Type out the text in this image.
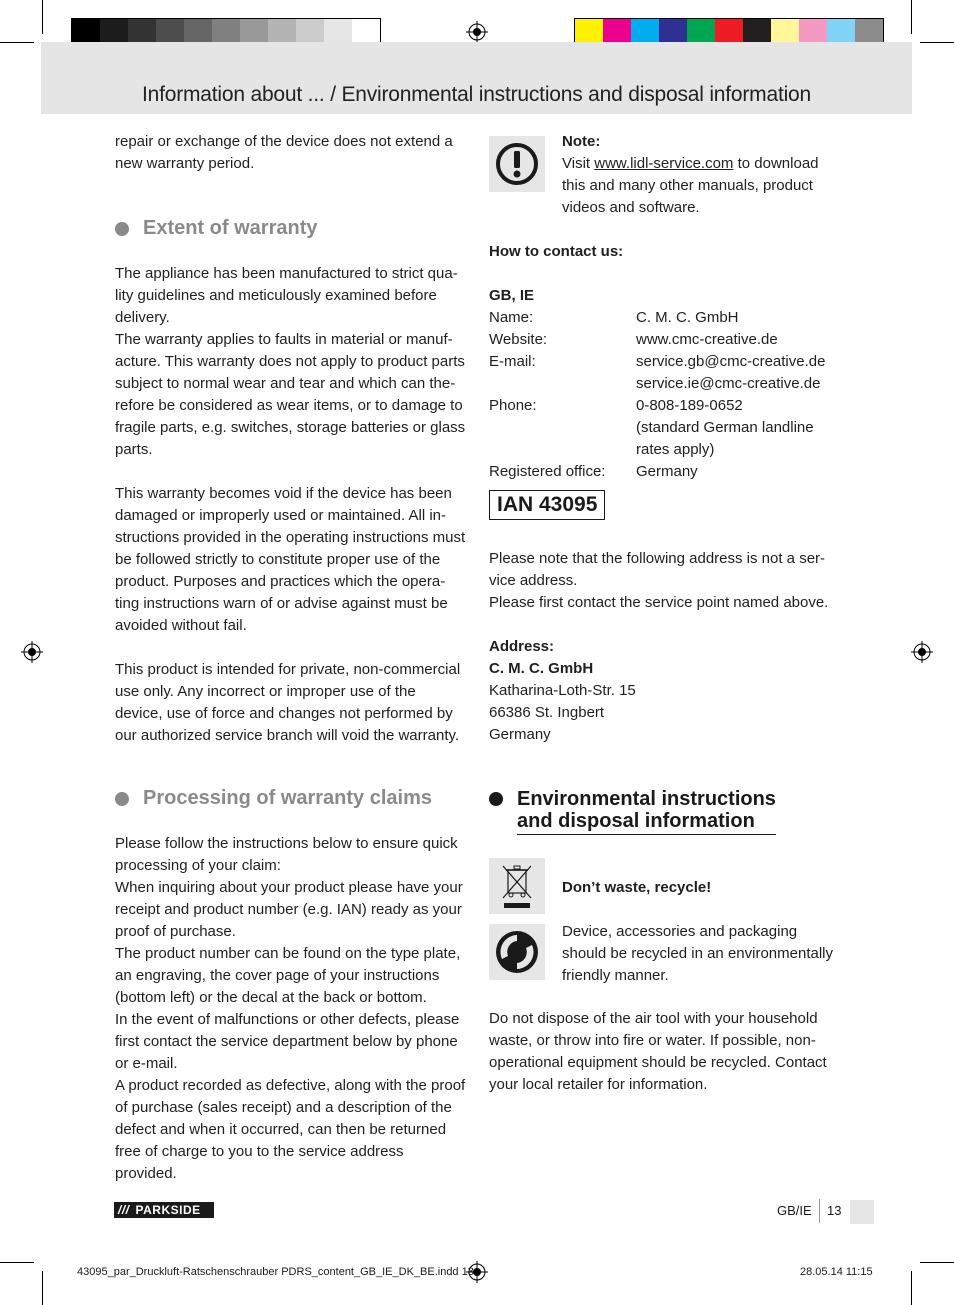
Information about ... / Environmental instructions and disposal information
repair or exchange of the device does not extend a new warranty period.
Extent of warranty
The appliance has been manufactured to strict qua-lity guidelines and meticulously examined before delivery.
The warranty applies to faults in material or manuf-acture. This warranty does not apply to product parts subject to normal wear and tear and which can the-refore be considered as wear items, or to damage to fragile parts, e.g. switches, storage batteries or glass parts.
This warranty becomes void if the device has been damaged or improperly used or maintained. All in-structions provided in the operating instructions must be followed strictly to constitute proper use of the product. Purposes and practices which the opera-ting instructions warn of or advise against must be avoided without fail.
This product is intended for private, non-commercial use only. Any incorrect or improper use of the device, use of force and changes not performed by our authorized service branch will void the warranty.
Processing of warranty claims
Please follow the instructions below to ensure quick processing of your claim:
When inquiring about your product please have your receipt and product number (e.g. IAN) ready as your proof of purchase.
The product number can be found on the type plate, an engraving, the cover page of your instructions (bottom left) or the decal at the back or bottom.
In the event of malfunctions or other defects, please first contact the service department below by phone or e-mail.
A product recorded as defective, along with the proof of purchase (sales receipt) and a description of the defect and when it occurred, can then be returned free of charge to you to the service address provided.
Note:
Visit www.lidl-service.com to download this and many other manuals, product videos and software.
How to contact us:
GB, IE
Name:	C. M. C. GmbH
Website:	www.cmc-creative.de
E-mail:	service.gb@cmc-creative.de
service.ie@cmc-creative.de
Phone:	0-808-189-0652
(standard German landline
rates apply)
Registered office:	Germany
IAN 43095
Please note that the following address is not a ser-vice address.
Please first contact the service point named above.
Address:
C. M. C. GmbH
Katharina-Loth-Str. 15
66386 St. Ingbert
Germany
Environmental instructions
and disposal information
Don’t waste, recycle!
Device, accessories and packaging should be recycled in an environmentally friendly manner.
Do not dispose of the air tool with your household waste, or throw into fire or water. If possible, non-operational equipment should be recycled. Contact your local retailer for information.
/// PARKSIDE	GB/IE 13
43095_par_Druckluft-Ratschenschrauber PDRS_content_GB_IE_DK_BE.indd 13	28.05.14 11:15
